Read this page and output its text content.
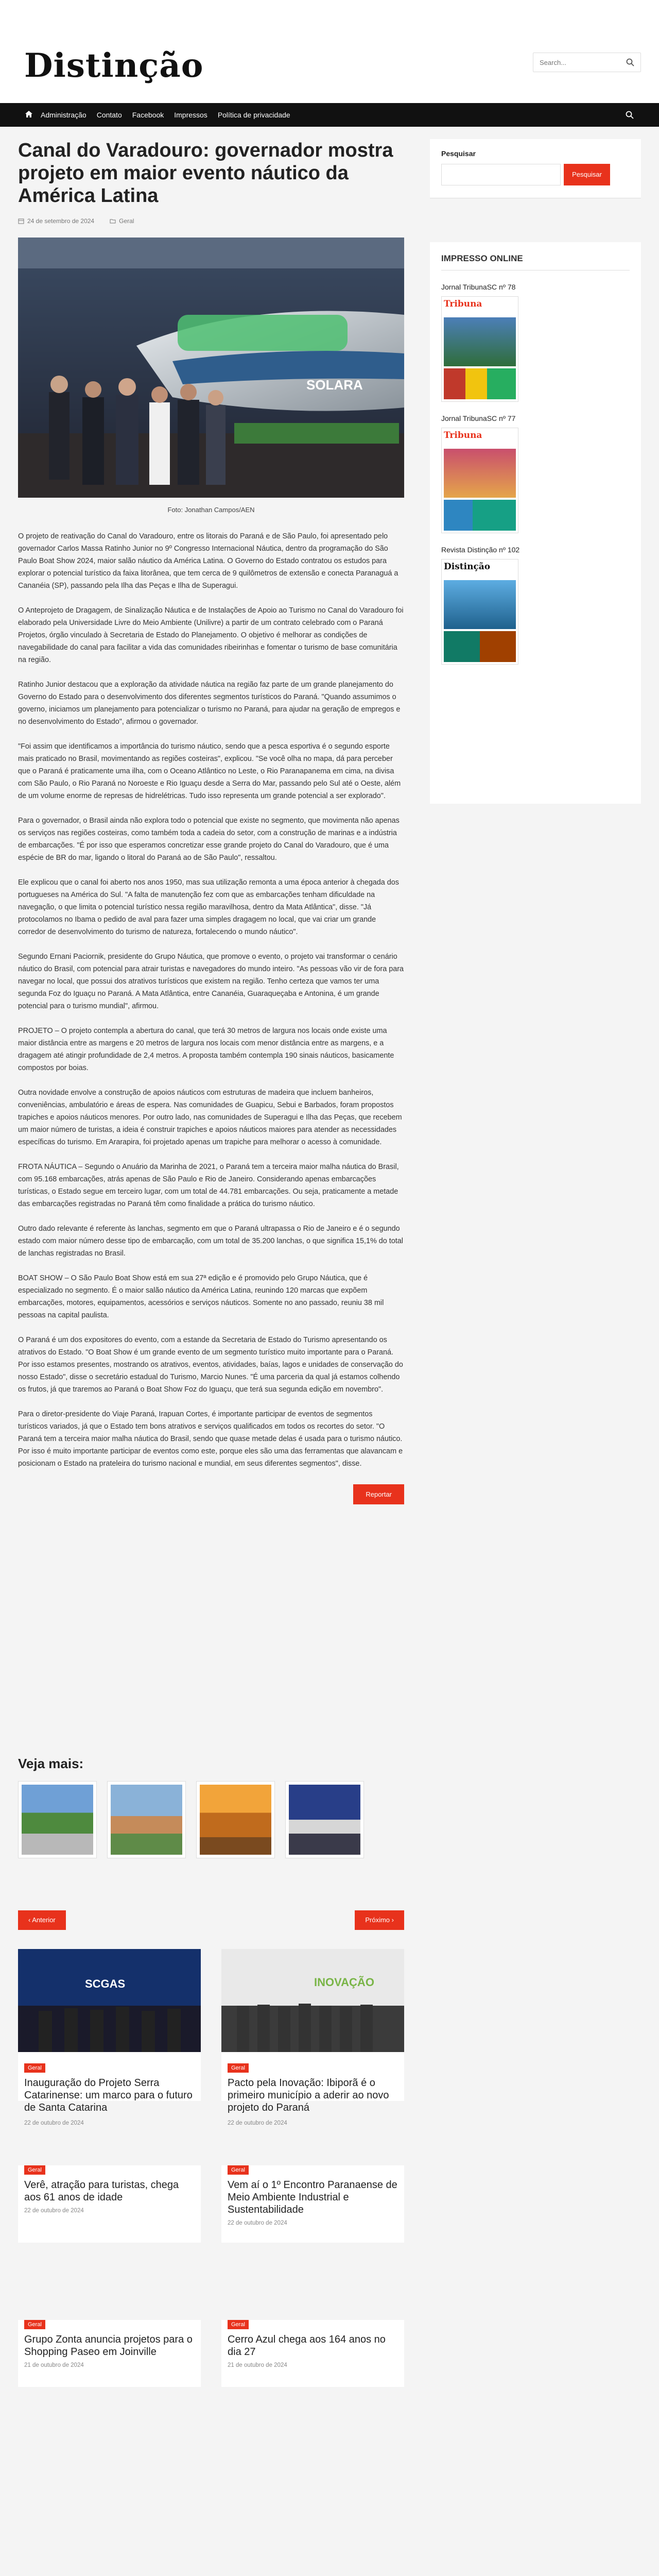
Distinção
Search...
Administração	Contato	Facebook	Impressos	Política de privacidade
Canal do Varadouro: governador mostra projeto em maior evento náutico da América Latina
24 de setembro de 2024	Geral
SOLARA

Foto: Jonathan Campos/AEN

O projeto de reativação do Canal do Varadouro, entre os litorais do Paraná e de São Paulo, foi apresentado pelo governador Carlos Massa Ratinho Junior no 9º Congresso Internacional Náutica, dentro da programação do São Paulo Boat Show 2024, maior salão náutico da América Latina. O Governo do Estado contratou os estudos para explorar o potencial turístico da faixa litorânea, que tem cerca de 9 quilômetros de extensão e conecta Paranaguá a Cananéia (SP), passando pela Ilha das Peças e Ilha de Superagui.

O Anteprojeto de Dragagem, de Sinalização Náutica e de Instalações de Apoio ao Turismo no Canal do Varadouro foi elaborado pela Universidade Livre do Meio Ambiente (Unilivre) a partir de um contrato celebrado com o Paraná Projetos, órgão vinculado à Secretaria de Estado do Planejamento. O objetivo é melhorar as condições de navegabilidade do canal para facilitar a vida das comunidades ribeirinhas e fomentar o turismo de base comunitária na região.

Ratinho Junior destacou que a exploração da atividade náutica na região faz parte de um grande planejamento do Governo do Estado para o desenvolvimento dos diferentes segmentos turísticos do Paraná. "Quando assumimos o governo, iniciamos um planejamento para potencializar o turismo no Paraná, para ajudar na geração de empregos e no desenvolvimento do Estado", afirmou o governador.

"Foi assim que identificamos a importância do turismo náutico, sendo que a pesca esportiva é o segundo esporte mais praticado no Brasil, movimentando as regiões costeiras", explicou. "Se você olha no mapa, dá para perceber que o Paraná é praticamente uma ilha, com o Oceano Atlântico no Leste, o Rio Paranapanema em cima, na divisa com São Paulo, o Rio Paraná no Noroeste e Rio Iguaçu desde a Serra do Mar, passando pelo Sul até o Oeste, além de um volume enorme de represas de hidrelétricas. Tudo isso representa um grande potencial a ser explorado".

Para o governador, o Brasil ainda não explora todo o potencial que existe no segmento, que movimenta não apenas os serviços nas regiões costeiras, como também toda a cadeia do setor, com a construção de marinas e a indústria de embarcações. "É por isso que esperamos concretizar esse grande projeto do Canal do Varadouro, que é uma espécie de BR do mar, ligando o litoral do Paraná ao de São Paulo", ressaltou.

Ele explicou que o canal foi aberto nos anos 1950, mas sua utilização remonta a uma época anterior à chegada dos portugueses na América do Sul. "A falta de manutenção fez com que as embarcações tenham dificuldade na navegação, o que limita o potencial turístico nessa região maravilhosa, dentro da Mata Atlântica", disse. "Já protocolamos no Ibama o pedido de aval para fazer uma simples dragagem no local, que vai criar um grande corredor de desenvolvimento do turismo de natureza, fortalecendo o mundo náutico".

Segundo Ernani Paciornik, presidente do Grupo Náutica, que promove o evento, o projeto vai transformar o cenário náutico do Brasil, com potencial para atrair turistas e navegadores do mundo inteiro. "As pessoas vão vir de fora para navegar no local, que possui dos atrativos turísticos que existem na região. Tenho certeza que vamos ter uma segunda Foz do Iguaçu no Paraná. A Mata Atlântica, entre Cananéia, Guaraqueçaba e Antonina, é um grande potencial para o turismo mundial", afirmou.

PROJETO – O projeto contempla a abertura do canal, que terá 30 metros de largura nos locais onde existe uma maior distância entre as margens e 20 metros de largura nos locais com menor distância entre as margens, e a dragagem até atingir profundidade de 2,4 metros. A proposta também contempla 190 sinais náuticos, basicamente compostos por boias.

Outra novidade envolve a construção de apoios náuticos com estruturas de madeira que incluem banheiros, conveniências, ambulatório e áreas de espera. Nas comunidades de Guapicu, Sebui e Barbados, foram propostos trapiches e apoios náuticos menores. Por outro lado, nas comunidades de Superagui e Ilha das Peças, que recebem um maior número de turistas, a ideia é construir trapiches e apoios náuticos maiores para atender as necessidades específicas do turismo. Em Ararapira, foi projetado apenas um trapiche para melhorar o acesso à comunidade.

FROTA NÁUTICA – Segundo o Anuário da Marinha de 2021, o Paraná tem a terceira maior malha náutica do Brasil, com 95.168 embarcações, atrás apenas de São Paulo e Rio de Janeiro. Considerando apenas embarcações turísticas, o Estado segue em terceiro lugar, com um total de 44.781 embarcações. Ou seja, praticamente a metade das embarcações registradas no Paraná têm como finalidade a prática do turismo náutico.

Outro dado relevante é referente às lanchas, segmento em que o Paraná ultrapassa o Rio de Janeiro e é o segundo estado com maior número desse tipo de embarcação, com um total de 35.200 lanchas, o que significa 15,1% do total de lanchas registradas no Brasil.

BOAT SHOW – O São Paulo Boat Show está em sua 27ª edição e é promovido pelo Grupo Náutica, que é especializado no segmento. É o maior salão náutico da América Latina, reunindo 120 marcas que expõem embarcações, motores, equipamentos, acessórios e serviços náuticos. Somente no ano passado, reuniu 38 mil pessoas na capital paulista.

O Paraná é um dos expositores do evento, com a estande da Secretaria de Estado do Turismo apresentando os atrativos do Estado. "O Boat Show é um grande evento de um segmento turístico muito importante para o Paraná. Por isso estamos presentes, mostrando os atrativos, eventos, atividades, baías, lagos e unidades de conservação do nosso Estado", disse o secretário estadual do Turismo, Marcio Nunes. "É uma parceria da qual já estamos colhendo os frutos, já que traremos ao Paraná o Boat Show Foz do Iguaçu, que terá sua segunda edição em novembro".

Para o diretor-presidente do Viaje Paraná, Irapuan Cortes, é importante participar de eventos de segmentos turísticos variados, já que o Estado tem bons atrativos e serviços qualificados em todos os recortes do setor. "O Paraná tem a terceira maior malha náutica do Brasil, sendo que quase metade delas é usada para o turismo náutico. Por isso é muito importante participar de eventos como este, porque eles são uma das ferramentas que alavancam e posicionam o Estado na prateleira do turismo nacional e mundial, em seus diferentes segmentos", disse.

Reportar
Veja mais:
‹ Anterior	Próximo ›
SCGAS
Geral
Inauguração do Projeto Serra Catarinense: um marco para o futuro de Santa Catarina
22 de outubro de 2024
INOVAÇÃO
Geral
Pacto pela Inovação: Ibiporã é o primeiro município a aderir ao novo projeto do Paraná
22 de outubro de 2024
Geral
Verê, atração para turistas, chega aos 61 anos de idade
22 de outubro de 2024
Geral
Vem aí o 1º Encontro Paranaense de Meio Ambiente Industrial e Sustentabilidade
22 de outubro de 2024
Geral
Grupo Zonta anuncia projetos para o Shopping Paseo em Joinville
21 de outubro de 2024
Geral
Cerro Azul chega aos 164 anos no dia 27
21 de outubro de 2024
Pesquisar
Pesquisar
IMPRESSO ONLINE
Jornal TribunaSC nº 78
Tribuna
Jornal TribunaSC nº 77
Tribuna
Revista Distinção nº 102
Distinção
